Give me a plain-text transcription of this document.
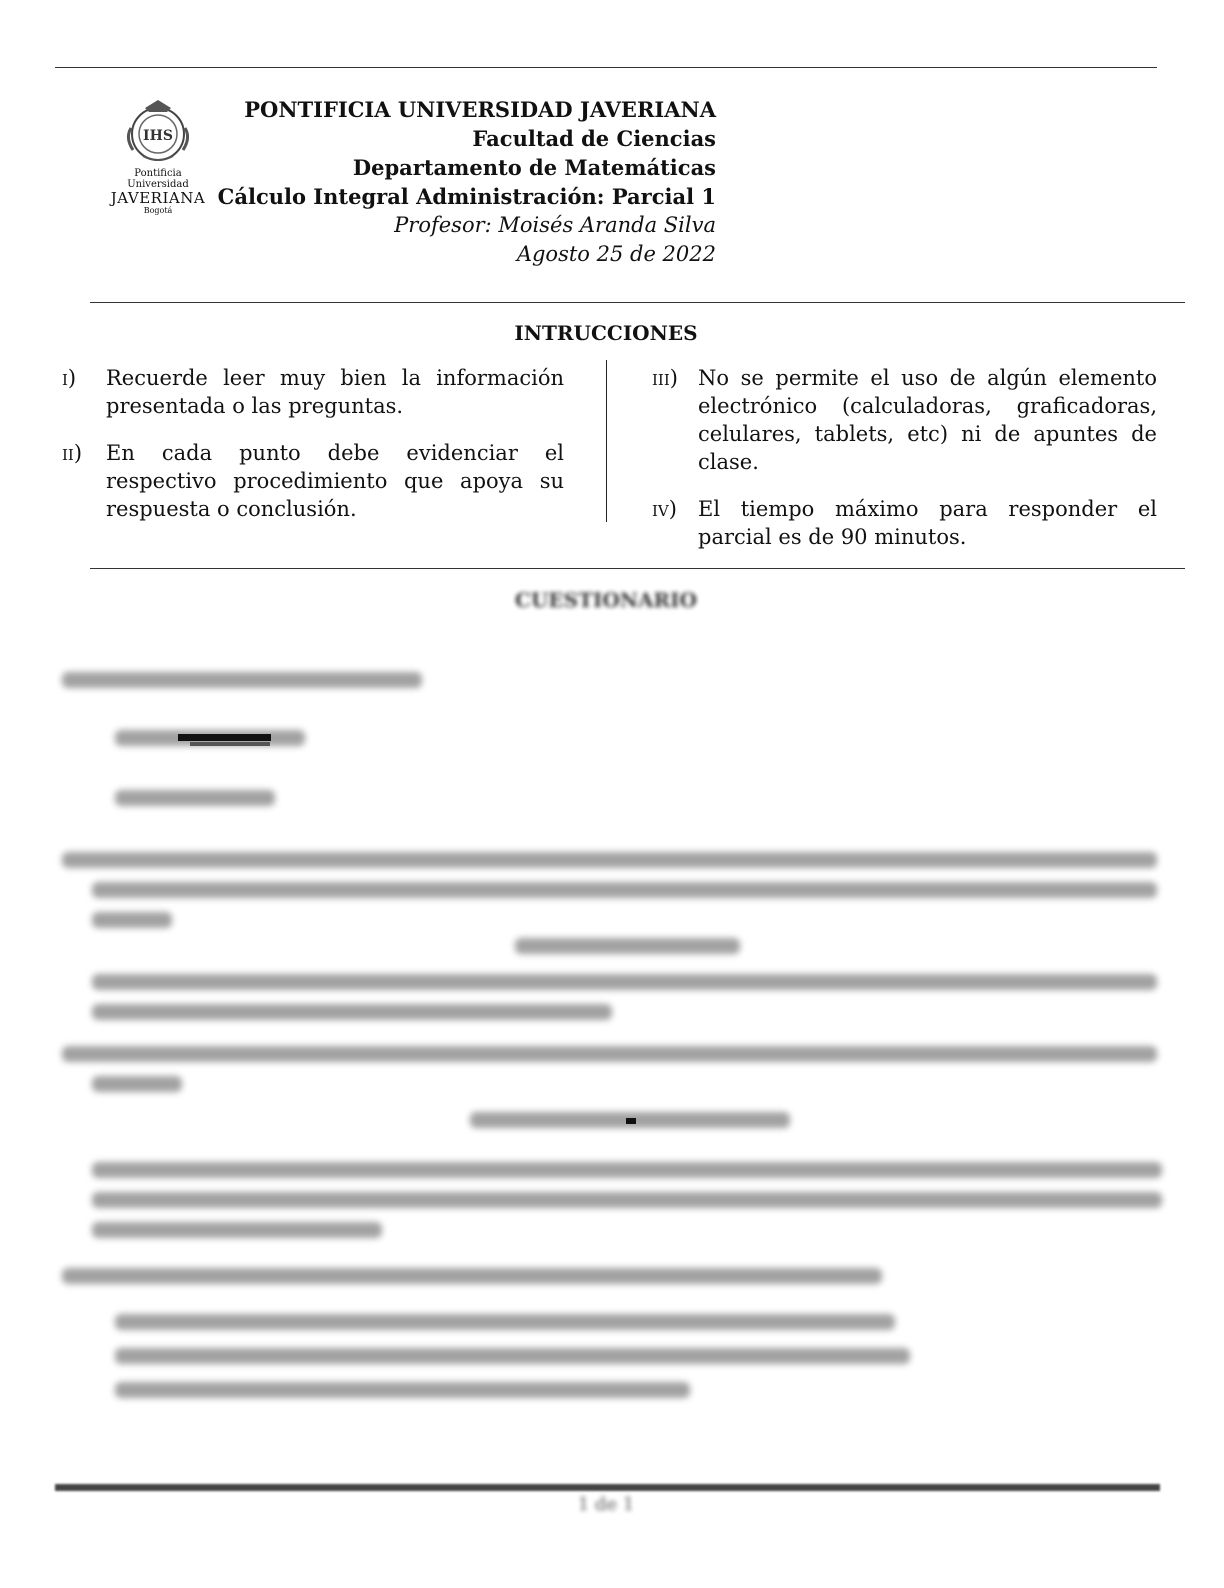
IHS
Pontificia Universidad
JAVERIANA
Bogotá
PONTIFICIA UNIVERSIDAD JAVERIANA
Facultad de Ciencias
Departamento de Matemáticas
Cálculo Integral Administración: Parcial 1
Profesor: Moisés Aranda Silva
Agosto 25 de 2022
INTRUCCIONES
i) Recuerde leer muy bien la información presentada o las preguntas.
ii) En cada punto debe evidenciar el respectivo procedimiento que apoya su respuesta o conclusión.
iii) No se permite el uso de algún elemento electrónico (calculadoras, graficadoras, celulares, tablets, etc) ni de apuntes de clase.
iv) El tiempo máximo para responder el parcial es de 90 minutos.
CUESTIONARIO
1 de 1
